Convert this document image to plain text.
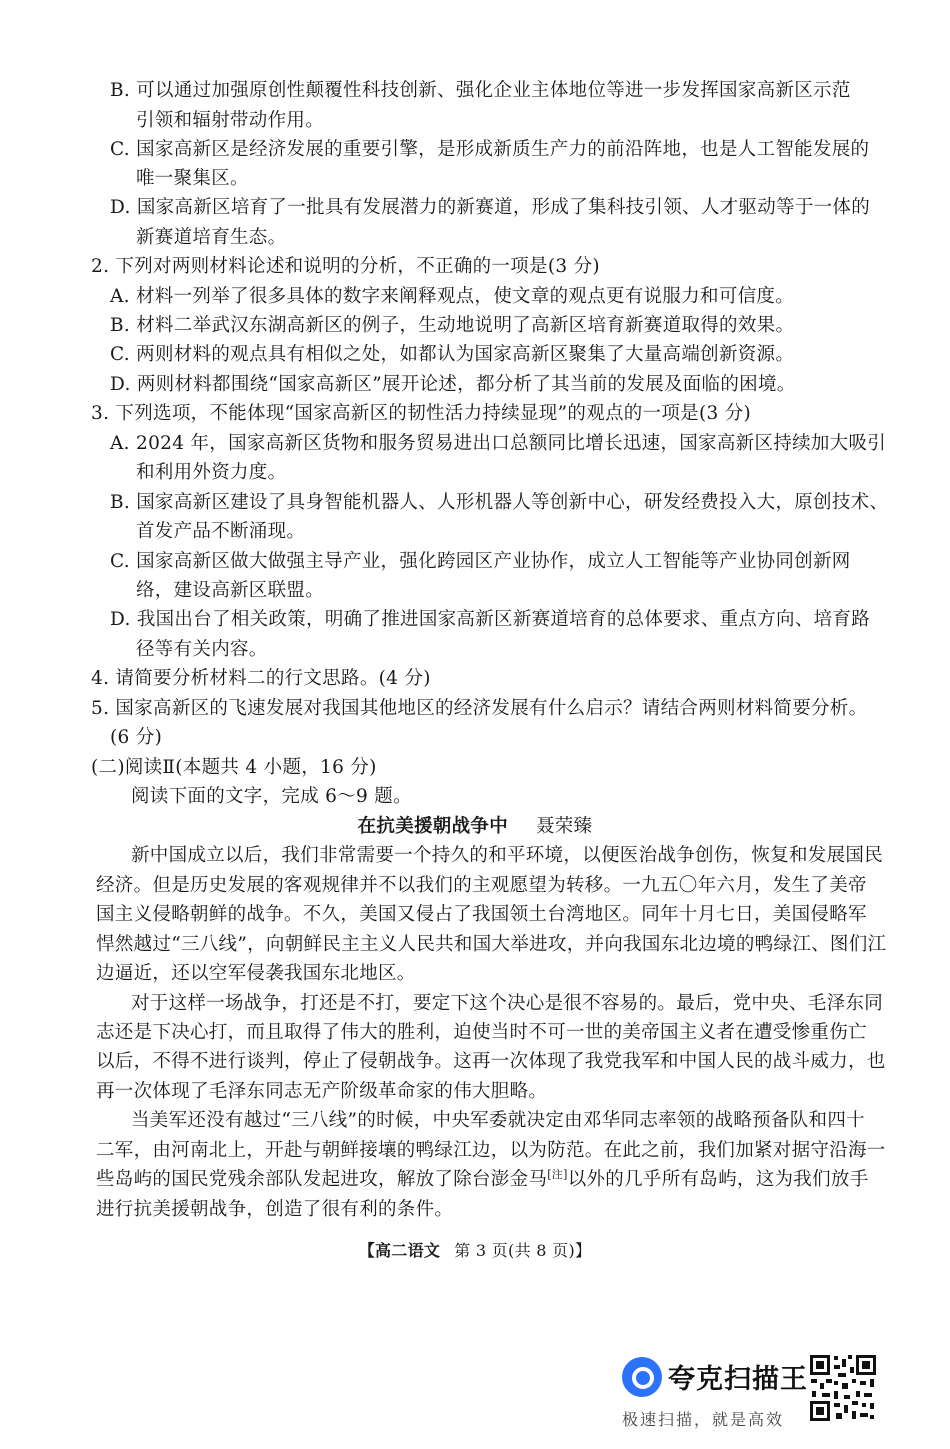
B. 可以通过加强原创性颠覆性科技创新、强化企业主体地位等进一步发挥国家高新区示范
引领和辐射带动作用。
C. 国家高新区是经济发展的重要引擎，是形成新质生产力的前沿阵地，也是人工智能发展的
唯一聚集区。
D. 国家高新区培育了一批具有发展潜力的新赛道，形成了集科技引领、人才驱动等于一体的
新赛道培育生态。
2. 下列对两则材料论述和说明的分析，不正确的一项是(3 分)
A. 材料一列举了很多具体的数字来阐释观点，使文章的观点更有说服力和可信度。
B. 材料二举武汉东湖高新区的例子，生动地说明了高新区培育新赛道取得的效果。
C. 两则材料的观点具有相似之处，如都认为国家高新区聚集了大量高端创新资源。
D. 两则材料都围绕“国家高新区”展开论述，都分析了其当前的发展及面临的困境。
3. 下列选项，不能体现“国家高新区的韧性活力持续显现”的观点的一项是(3 分)
A. 2024 年，国家高新区货物和服务贸易进出口总额同比增长迅速，国家高新区持续加大吸引
和利用外资力度。
B. 国家高新区建设了具身智能机器人、人形机器人等创新中心，研发经费投入大，原创技术、
首发产品不断涌现。
C. 国家高新区做大做强主导产业，强化跨园区产业协作，成立人工智能等产业协同创新网
络，建设高新区联盟。
D. 我国出台了相关政策，明确了推进国家高新区新赛道培育的总体要求、重点方向、培育路
径等有关内容。
4. 请简要分析材料二的行文思路。(4 分)
5. 国家高新区的飞速发展对我国其他地区的经济发展有什么启示？请结合两则材料简要分析。
(6 分)
(二)阅读Ⅱ(本题共 4 小题，16 分)
阅读下面的文字，完成 6～9 题。
在抗美援朝战争中 聂荣臻
新中国成立以后，我们非常需要一个持久的和平环境，以便医治战争创伤，恢复和发展国民
经济。但是历史发展的客观规律并不以我们的主观愿望为转移。一九五〇年六月，发生了美帝
国主义侵略朝鲜的战争。不久，美国又侵占了我国领土台湾地区。同年十月七日，美国侵略军
悍然越过“三八线”，向朝鲜民主主义人民共和国大举进攻，并向我国东北边境的鸭绿江、图们江
边逼近，还以空军侵袭我国东北地区。
对于这样一场战争，打还是不打，要定下这个决心是很不容易的。最后，党中央、毛泽东同
志还是下决心打，而且取得了伟大的胜利，迫使当时不可一世的美帝国主义者在遭受惨重伤亡
以后，不得不进行谈判，停止了侵朝战争。这再一次体现了我党我军和中国人民的战斗威力，也
再一次体现了毛泽东同志无产阶级革命家的伟大胆略。
当美军还没有越过“三八线”的时候，中央军委就决定由邓华同志率领的战略预备队和四十
二军，由河南北上，开赴与朝鲜接壤的鸭绿江边，以为防范。在此之前，我们加紧对据守沿海一
些岛屿的国民党残余部队发起进攻，解放了除台澎金马[注]以外的几乎所有岛屿，这为我们放手
进行抗美援朝战争，创造了很有利的条件。
【高二语文 第 3 页(共 8 页)】
夸克扫描王
极速扫描，就是高效
